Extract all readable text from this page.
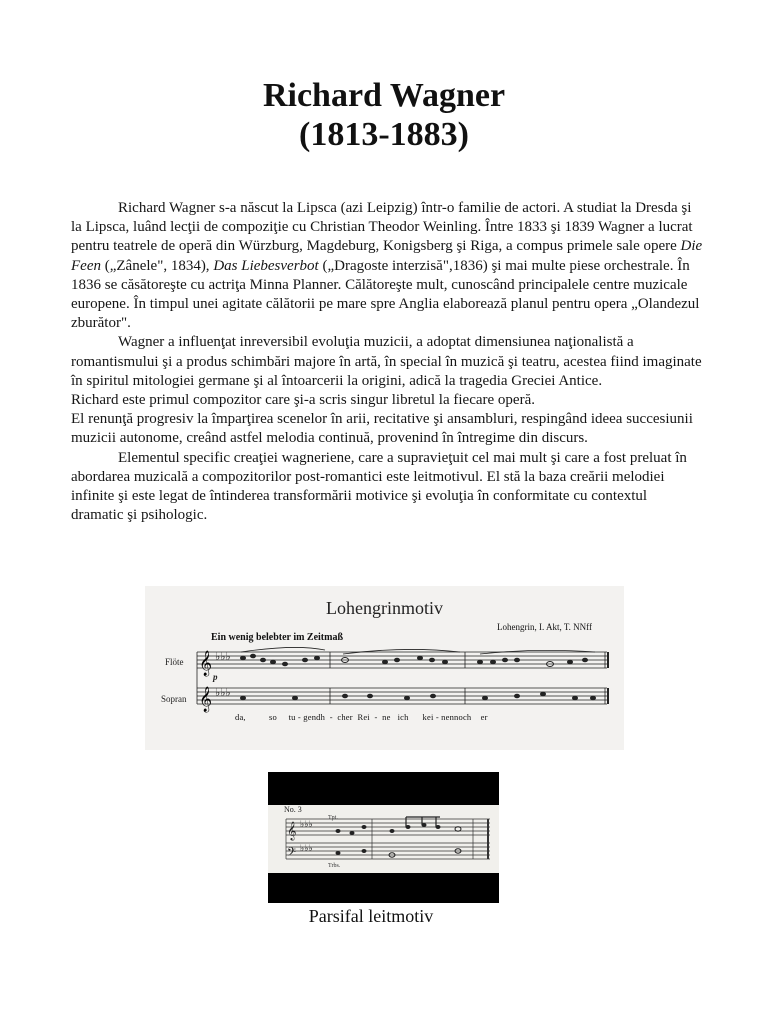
Richard Wagner
(1813-1883)

Richard Wagner s-a născut la Lipsca (azi Leipzig) într-o familie de actori. A studiat la Dresda şi la Lipsca, luând lecţii de compoziţie cu Christian Theodor Weinling. Între 1833 şi 1839 Wagner a lucrat pentru teatrele de operă din Würzburg, Magdeburg, Konigsberg şi Riga, a compus primele sale opere Die Feen („Zânele", 1834), Das Liebesverbot („Dragoste interzisă",1836) şi mai multe piese orchestrale. În 1836 se căsătoreşte cu actriţa Minna Planner. Călătoreşte mult, cunoscând principalele centre muzicale europene. În timpul unei agitate călătorii pe mare spre Anglia elaborează planul pentru opera „Olandezul zburător".

Wagner a influenţat inreversibil evoluţia muzicii, a adoptat dimensiunea naţionalistă a romantismului şi a produs schimbări majore în artă, în special în muzică şi teatru, acestea fiind imaginate în spiritul mitologiei germane şi al întoarcerii la origini, adică la tragedia Greciei Antice.

Richard este primul compozitor care şi-a scris singur libretul la fiecare operă.

El renunţă progresiv la împarţirea scenelor în arii, recitative şi ansambluri, respingând ideea succesiunii muzicii autonome, creând astfel melodia continuă, provenind în întregime din discurs.

Elementul specific creaţiei wagneriene, care a supravieţuit cel mai mult şi care a fost preluat în abordarea muzicală a compozitorilor post-romantici este leitmotivul. El stă la baza creării melodiei infinite şi este legat de întinderea transformării motivice şi evoluţia în conformitate cu contextul

dramatic şi psihologic.

Lohengrinmotiv
Lohengrin, I. Akt, T. NNff
Ein wenig belebter im Zeitmaß
Flöte
Sopran
p
da,          so     tu - gendh  -  cher  Rei  -  ne   ich      kei - nennoch    er
𝄞
𝄞
♭♭♭
♭♭♭
No. 3
Tpt.
Trbs.
𝄞
𝄢
♭♭♭
♭♭♭
Parsifal leitmotiv
